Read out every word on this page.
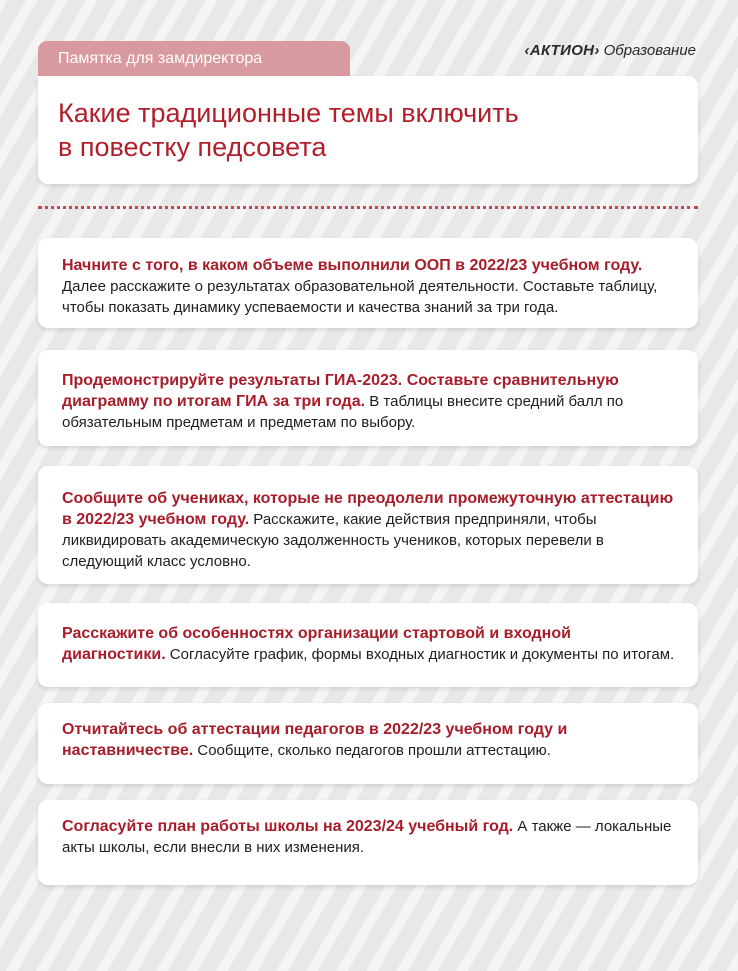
Памятка для замдиректора	‹АКТИОН› Образование
Какие традиционные темы включить
в повестку педсовета

Начните с того, в каком объеме выполнили ООП в 2022/23 учебном году. Далее расскажите о результатах образовательной деятельности. Составьте таблицу, чтобы показать динамику успеваемости и качества знаний за три года.

Продемонстрируйте результаты ГИА-2023. Составьте сравнительную диаграмму по итогам ГИА за три года. В таблицы внесите средний балл по обязательным предметам и предметам по выбору.

Сообщите об учениках, которые не преодолели промежуточную аттестацию в 2022/23 учебном году. Расскажите, какие действия предприняли, чтобы ликвидировать академическую задолженность учеников, которых перевели в следующий класс условно.

Расскажите об особенностях организации стартовой и входной диагностики. Согласуйте график, формы входных диагностик и документы по итогам.

Отчитайтесь об аттестации педагогов в 2022/23 учебном году и наставничестве. Сообщите, сколько педагогов прошли аттестацию.

Согласуйте план работы школы на 2023/24 учебный год. А также — локальные акты школы, если внесли в них изменения.
